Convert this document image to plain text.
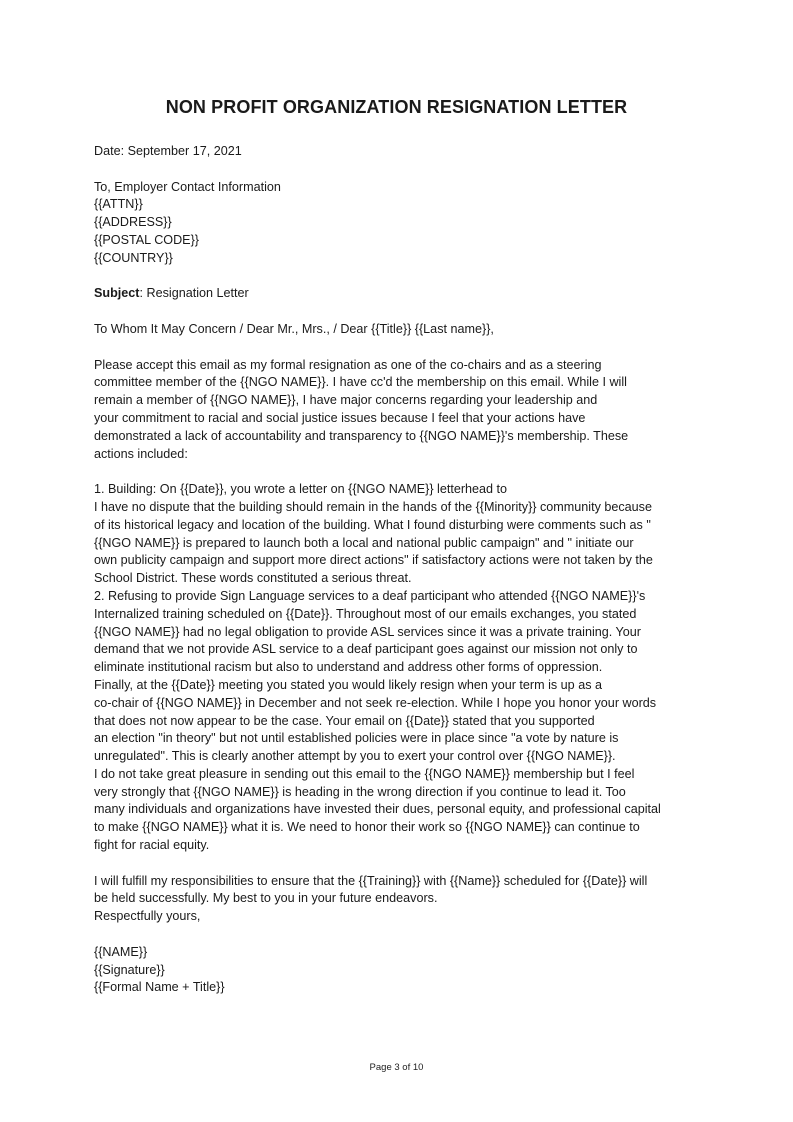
NON PROFIT ORGANIZATION RESIGNATION LETTER
Date: September 17, 2021
To, Employer Contact Information
{{ATTN}}
{{ADDRESS}}
{{POSTAL CODE}}
{{COUNTRY}}
Subject: Resignation Letter
To Whom It May Concern / Dear Mr., Mrs., / Dear {{Title}} {{Last name}},
Please accept this email as my formal resignation as one of the co-chairs and as a steering
committee member of the {{NGO NAME}}. I have cc'd the membership on this email. While I will
remain a member of {{NGO NAME}}, I have major concerns regarding your leadership and
your commitment to racial and social justice issues because I feel that your actions have
demonstrated a lack of accountability and transparency to {{NGO NAME}}'s membership. These
actions included:
1. Building: On {{Date}}, you wrote a letter on {{NGO NAME}} letterhead to
I have no dispute that the building should remain in the hands of the {{Minority}} community because
of its historical legacy and location of the building. What I found disturbing were comments such as "
{{NGO NAME}} is prepared to launch both a local and national public campaign" and " initiate our
own publicity campaign and support more direct actions" if satisfactory actions were not taken by the
School District. These words constituted a serious threat.
2. Refusing to provide Sign Language services to a deaf participant who attended {{NGO NAME}}'s
Internalized training scheduled on {{Date}}. Throughout most of our emails exchanges, you stated
{{NGO NAME}} had no legal obligation to provide ASL services since it was a private training. Your
demand that we not provide ASL service to a deaf participant goes against our mission not only to
eliminate institutional racism but also to understand and address other forms of oppression.
Finally, at the {{Date}} meeting you stated you would likely resign when your term is up as a
co-chair of {{NGO NAME}} in December and not seek re-election. While I hope you honor your words
that does not now appear to be the case. Your email on {{Date}} stated that you supported
an election "in theory" but not until established policies were in place since "a vote by nature is
unregulated". This is clearly another attempt by you to exert your control over {{NGO NAME}}.
I do not take great pleasure in sending out this email to the {{NGO NAME}} membership but I feel
very strongly that {{NGO NAME}} is heading in the wrong direction if you continue to lead it. Too
many individuals and organizations have invested their dues, personal equity, and professional capital
to make {{NGO NAME}} what it is. We need to honor their work so {{NGO NAME}} can continue to
fight for racial equity.
I will fulfill my responsibilities to ensure that the {{Training}} with {{Name}} scheduled for {{Date}} will
be held successfully. My best to you in your future endeavors.
Respectfully yours,
{{NAME}}
{{Signature}}
{{Formal Name + Title}}
Page 3 of 10
